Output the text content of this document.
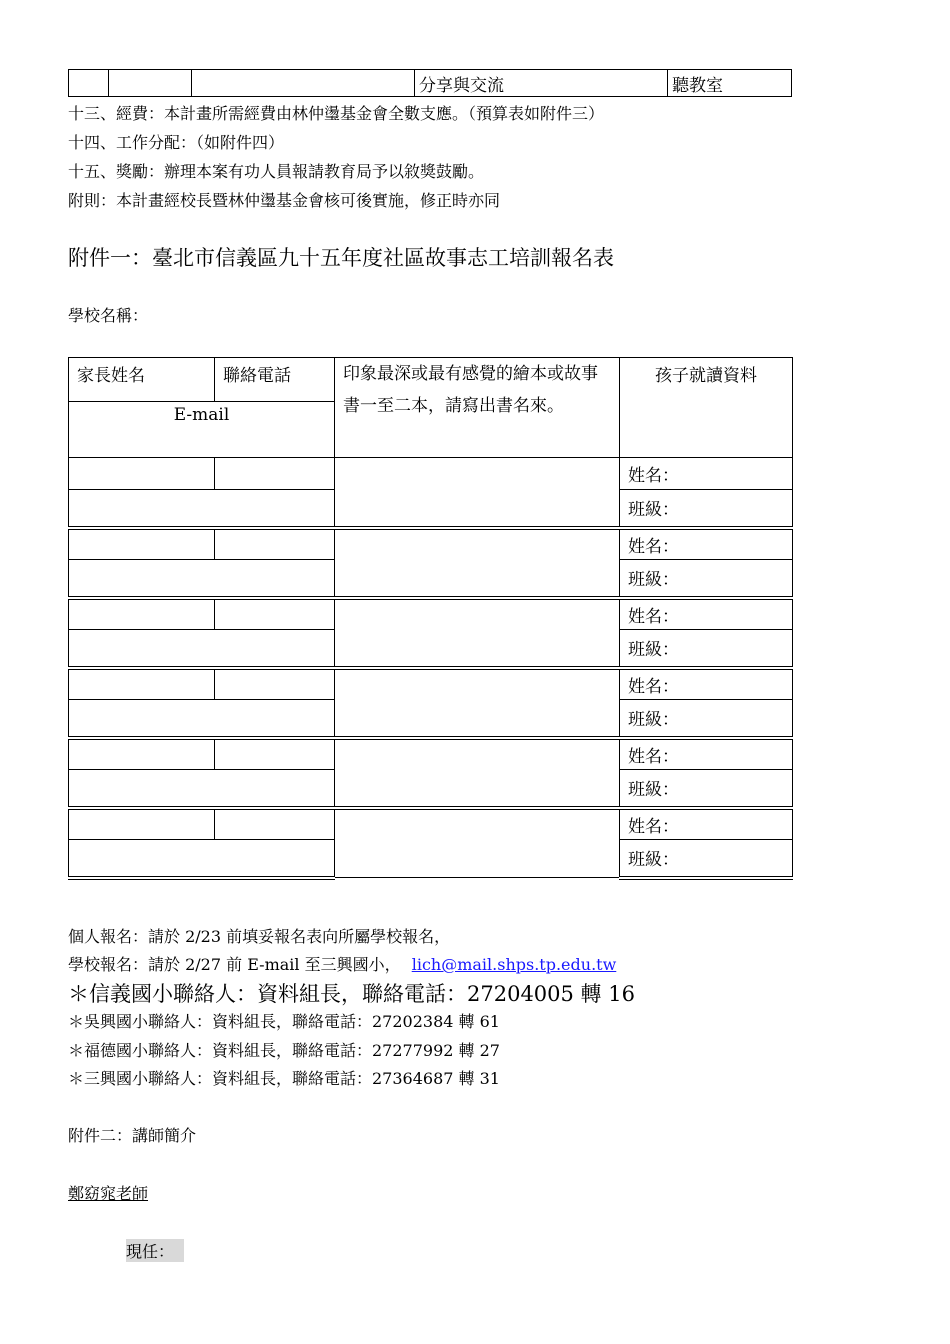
			分享與交流	聽教室
十三、經費：本計畫所需經費由林仲璗基金會全數支應。（預算表如附件三）
十四、工作分配：（如附件四）
十五、獎勵：辦理本案有功人員報請教育局予以敘獎鼓勵。
附則：本計畫經校長暨林仲璗基金會核可後實施，修正時亦同
附件一：臺北市信義區九十五年度社區故事志工培訓報名表
學校名稱：
家長姓名	聯絡電話	印象最深或最有感覺的繪本或故事書一至二本，請寫出書名來。	孩子就讀資料
E-mail			
			姓名：
			班級：
			姓名：
			班級：
			姓名：
			班級：
			姓名：
			班級：
			姓名：
			班級：
			姓名：
			班級：
個人報名：請於 2/23 前填妥報名表向所屬學校報名，
學校報名：請於 2/27 前 E-mail 至三興國小， lich@mail.shps.tp.edu.tw
＊信義國小聯絡人：資料組長，聯絡電話：27204005 轉 16
＊吳興國小聯絡人：資料組長，聯絡電話：27202384 轉 61
＊福德國小聯絡人：資料組長，聯絡電話：27277992 轉 27
＊三興國小聯絡人：資料組長，聯絡電話：27364687 轉 31
附件二：講師簡介
鄭窈窕老師
現任：
